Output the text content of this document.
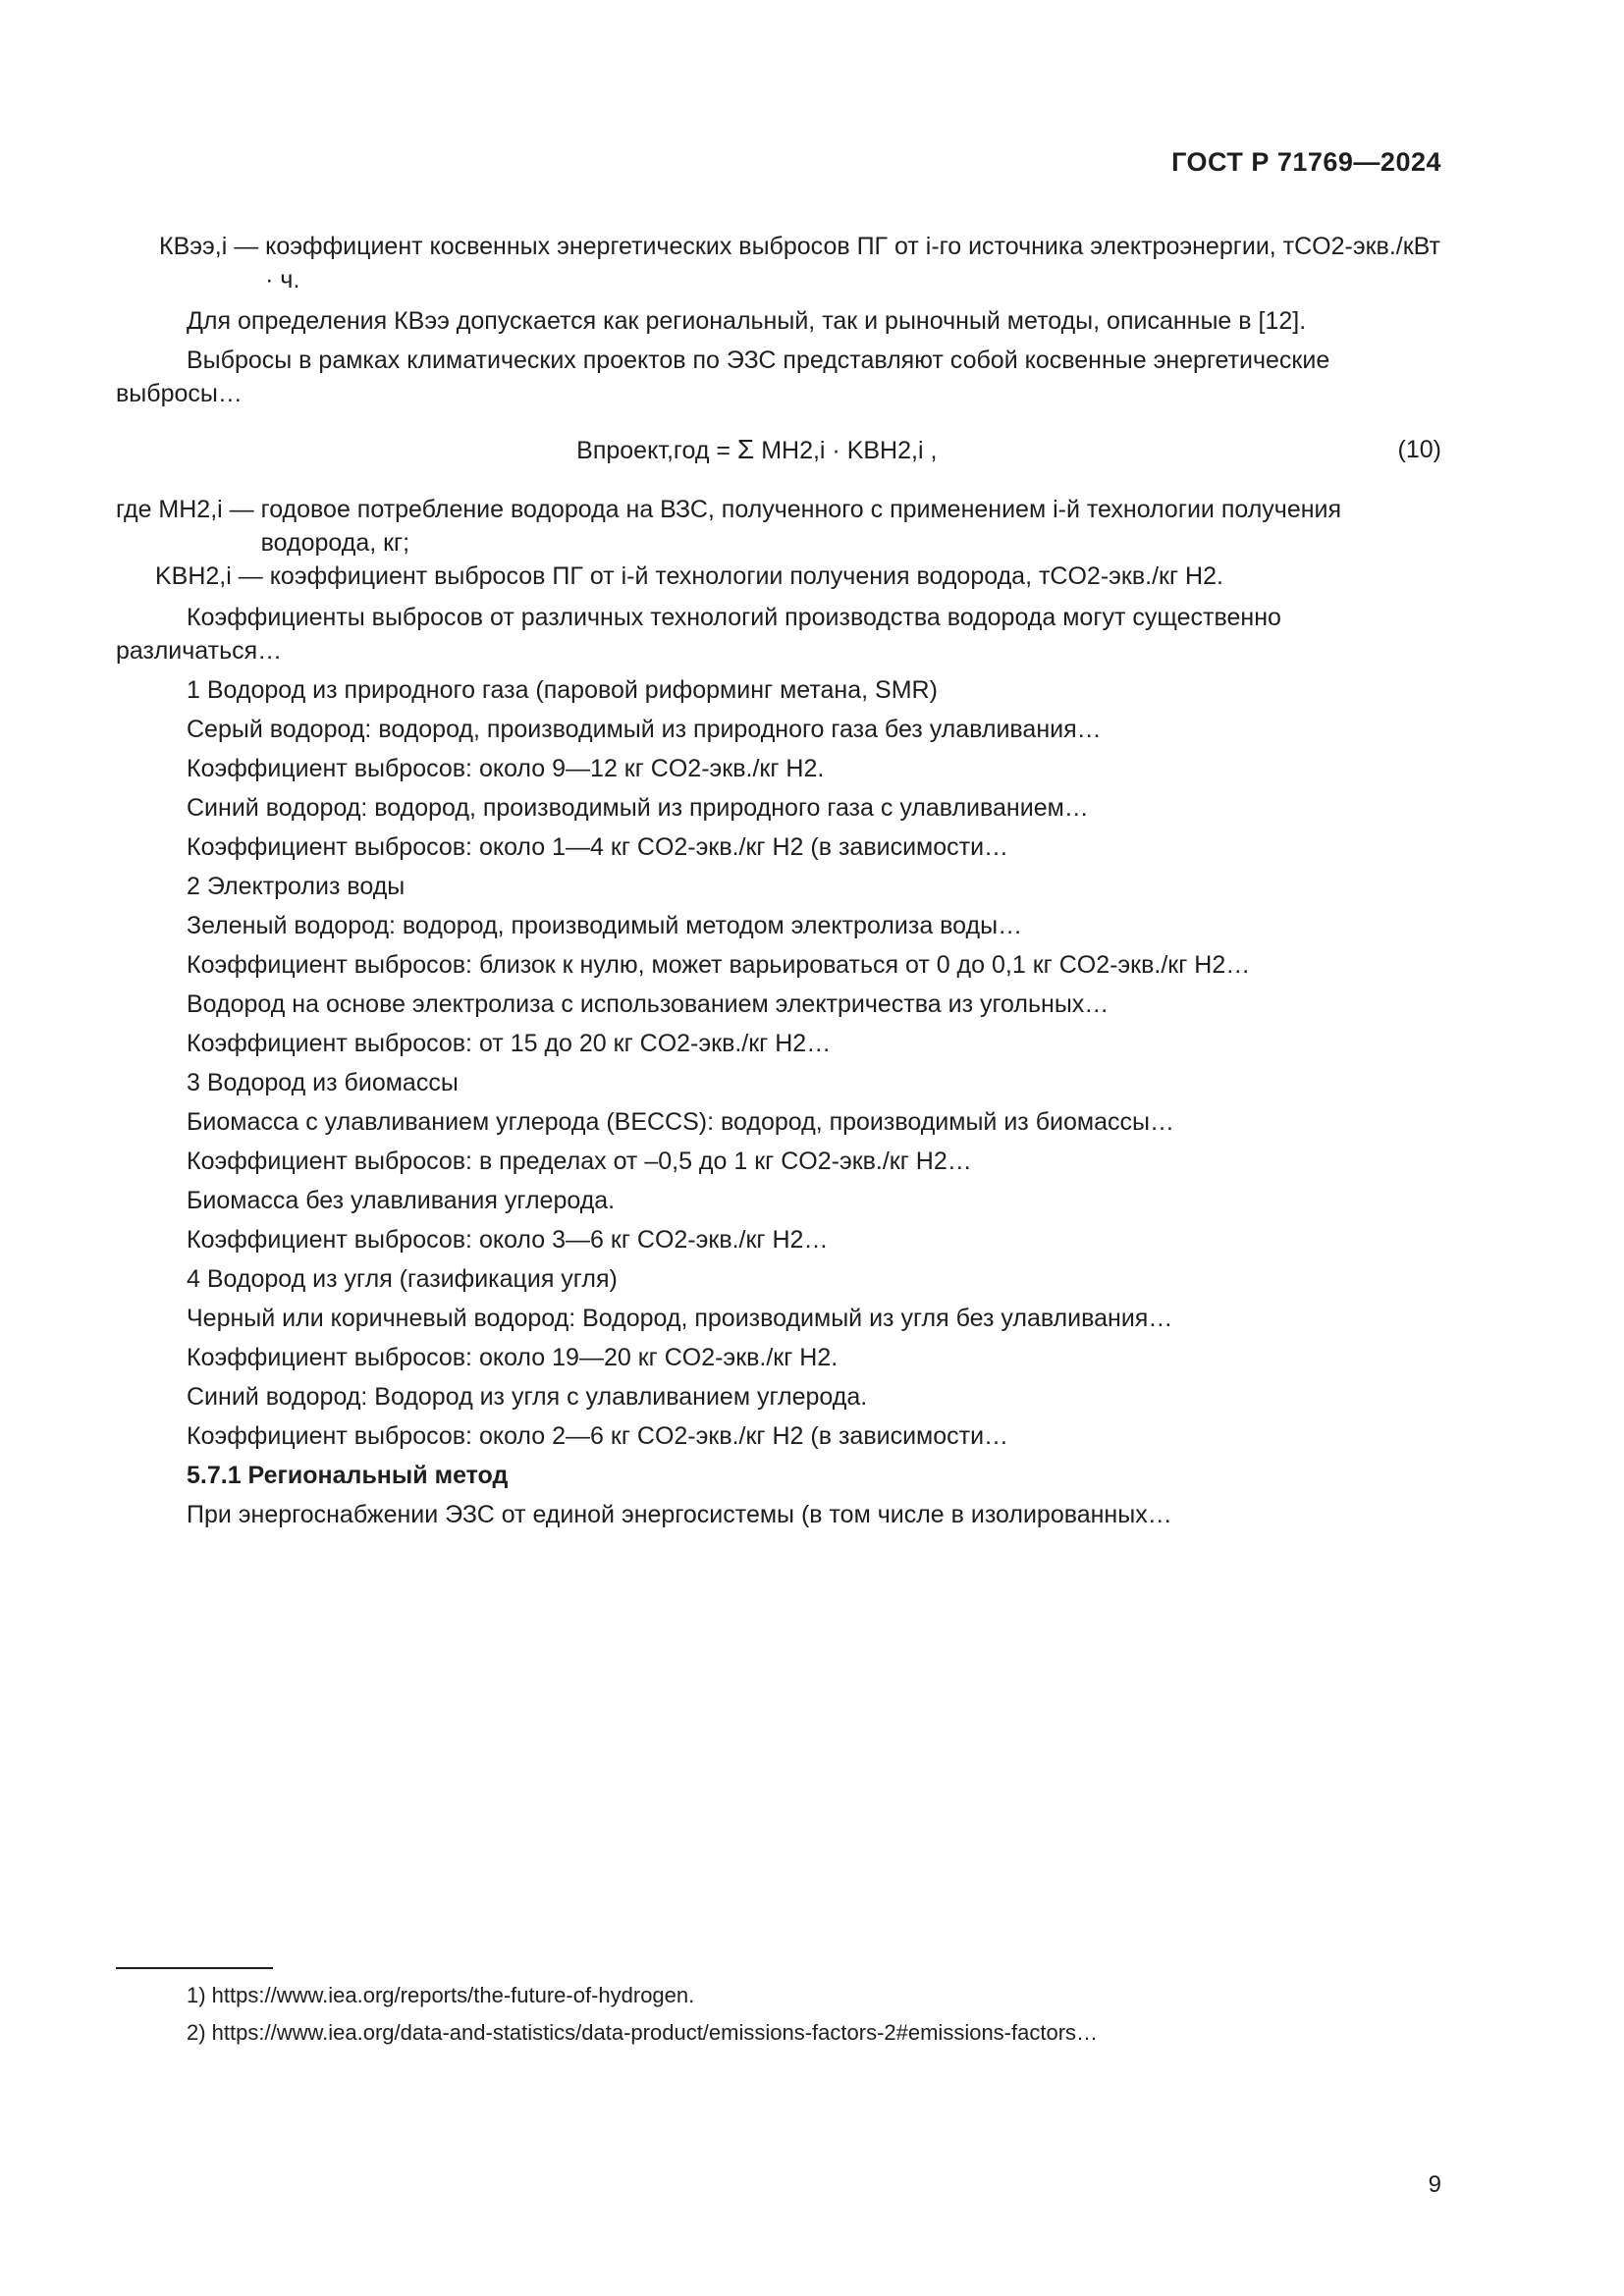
ГОСТ Р 71769—2024
КВээ,i —
коэффициент косвенных энергетических выбросов ПГ от i-го источника электроэнергии, тCO2-экв./кВт · ч.

Для определения КВээ допускается как региональный, так и рыночный методы, описанные в [12].

Выбросы в рамках климатических проектов по ЭЗС представляют собой косвенные энергетические выбросы…

Впроект,год = Σ MH2,i · KBH2,i ,	(10)
где MH2,i —
годовое потребление водорода на ВЗС, полученного с применением i-й технологии получения водорода, кг;
KBH2,i —
коэффициент выбросов ПГ от i-й технологии получения водорода, тCO2-экв./кг H2.

Коэффициенты выбросов от различных технологий производства водорода могут существенно различаться…

1 Водород из природного газа (паровой риформинг метана, SMR)

Серый водород: водород, производимый из природного газа без улавливания…

Коэффициент выбросов: около 9—12 кг CO2-экв./кг H2.

Синий водород: водород, производимый из природного газа с улавливанием…

Коэффициент выбросов: около 1—4 кг CO2-экв./кг H2 (в зависимости…

2 Электролиз воды

Зеленый водород: водород, производимый методом электролиза воды…

Коэффициент выбросов: близок к нулю, может варьироваться от 0 до 0,1 кг CO2-экв./кг H2…

Водород на основе электролиза с использованием электричества из угольных…

Коэффициент выбросов: от 15 до 20 кг CO2-экв./кг H2…

3 Водород из биомассы

Биомасса с улавливанием углерода (BECCS): водород, производимый из биомассы…

Коэффициент выбросов: в пределах от –0,5 до 1 кг CO2-экв./кг H2…

Биомасса без улавливания углерода.

Коэффициент выбросов: около 3—6 кг CO2-экв./кг H2…

4 Водород из угля (газификация угля)

Черный или коричневый водород: Водород, производимый из угля без улавливания…

Коэффициент выбросов: около 19—20 кг CO2-экв./кг H2.

Синий водород: Водород из угля с улавливанием углерода.

Коэффициент выбросов: около 2—6 кг CO2-экв./кг H2 (в зависимости…

5.7.1 Региональный метод

При энергоснабжении ЭЗС от единой энергосистемы (в том числе в изолированных…

1) https://www.iea.org/reports/the-future-of-hydrogen.

2) https://www.iea.org/data-and-statistics/data-product/emissions-factors-2#emissions-factors…

9
